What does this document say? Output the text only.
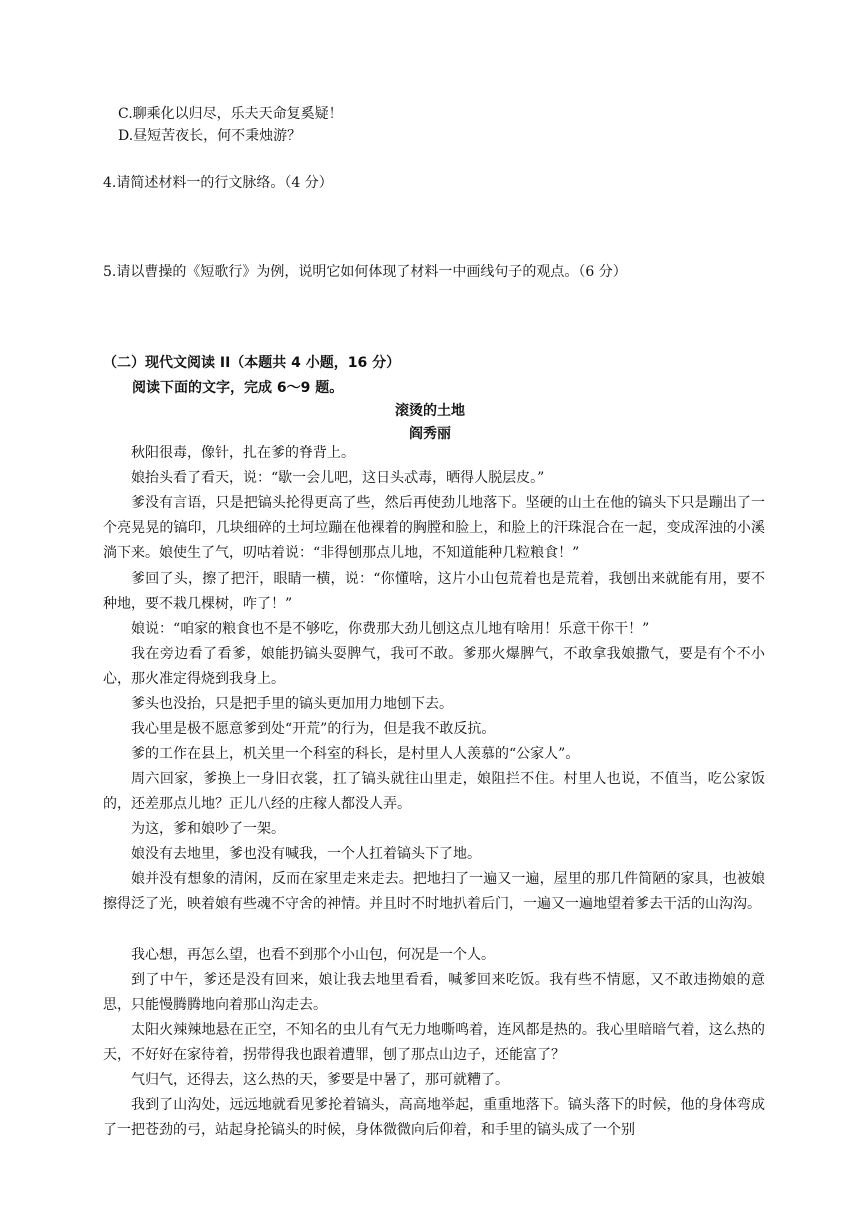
C.聊乘化以归尽，乐夫天命复奚疑！
D.昼短苦夜长，何不秉烛游？
4.请简述材料一的行文脉络。（4 分）
5.请以曹操的《短歌行》为例，说明它如何体现了材料一中画线句子的观点。（6 分）
（二）现代文阅读 II（本题共 4 小题，16 分）
阅读下面的文字，完成 6～9 题。
滚烫的土地
阎秀丽

秋阳很毒，像针，扎在爹的脊背上。

娘抬头看了看天，说：“歇一会儿吧，这日头忒毒，晒得人脱层皮。”

爹没有言语，只是把镐头抡得更高了些，然后再使劲儿地落下。坚硬的山土在他的镐头下只是蹦出了一个亮晃晃的镐印，几块细碎的土坷垃蹦在他裸着的胸膛和脸上，和脸上的汗珠混合在一起，变成浑浊的小溪淌下来。娘使生了气，叨咕着说：“非得刨那点儿地，不知道能种几粒粮食！”

爹回了头，擦了把汗，眼睛一横，说：“你懂啥，这片小山包荒着也是荒着，我刨出来就能有用，要不种地，要不栽几棵树，咋了！”

娘说：“咱家的粮食也不是不够吃，你费那大劲儿刨这点儿地有啥用！乐意干你干！”

我在旁边看了看爹，娘能扔镐头耍脾气，我可不敢。爹那火爆脾气，不敢拿我娘撒气，要是有个不小心，那火准定得烧到我身上。

爹头也没抬，只是把手里的镐头更加用力地刨下去。

我心里是极不愿意爹到处“开荒”的行为，但是我不敢反抗。

爹的工作在县上，机关里一个科室的科长，是村里人人羡慕的“公家人”。

周六回家，爹换上一身旧衣裳，扛了镐头就往山里走，娘阻拦不住。村里人也说，不值当，吃公家饭的，还差那点儿地？正儿八经的庄稼人都没人弄。

为这，爹和娘吵了一架。

娘没有去地里，爹也没有喊我，一个人扛着镐头下了地。

娘并没有想象的清闲，反而在家里走来走去。把地扫了一遍又一遍，屋里的那几件简陋的家具，也被娘擦得泛了光，映着娘有些魂不守舍的神情。并且时不时地扒着后门，一遍又一遍地望着爹去干活的山沟沟。

我心想，再怎么望，也看不到那个小山包，何况是一个人。

到了中午，爹还是没有回来，娘让我去地里看看，喊爹回来吃饭。我有些不情愿，又不敢违拗娘的意思，只能慢腾腾地向着那山沟走去。

太阳火辣辣地悬在正空，不知名的虫儿有气无力地嘶鸣着，连风都是热的。我心里暗暗气着，这么热的天，不好好在家待着，拐带得我也跟着遭罪，刨了那点山边子，还能富了？

气归气，还得去，这么热的天，爹要是中暑了，那可就糟了。

我到了山沟处，远远地就看见爹抡着镐头，高高地举起，重重地落下。镐头落下的时候，他的身体弯成了一把苍劲的弓，站起身抡镐头的时候，身体微微向后仰着，和手里的镐头成了一个别
